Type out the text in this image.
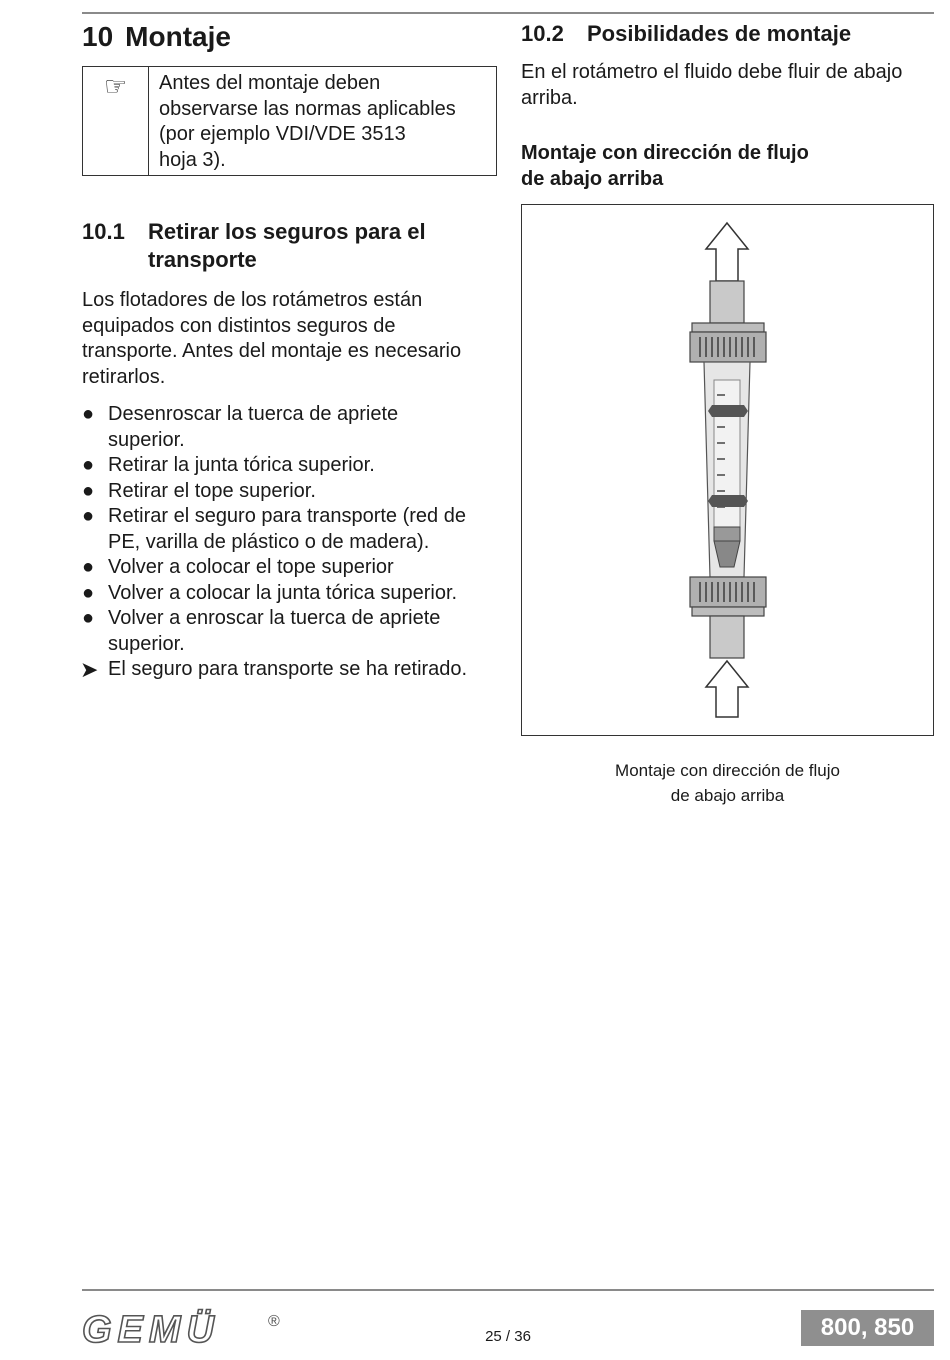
10 Montaje
☞ Antes del montaje deben
observarse las normas aplicables
(por ejemplo VDI/VDE 3513
hoja 3).
10.1	Retirar los seguros para el
transporte

Los flotadores de los rotámetros están
equipados con distintos seguros de
transporte. Antes del montaje es necesario
retirarlos.

● Desenroscar la tuerca de apriete
superior.
● Retirar la junta tórica superior.
● Retirar el tope superior.
● Retirar el seguro para transporte (red de
PE, varilla de plástico o de madera).
● Volver a colocar el tope superior
● Volver a colocar la junta tórica superior.
● Volver a enroscar la tuerca de apriete
superior.
➤ El seguro para transporte se ha retirado.
10.2	Posibilidades de montaje

En el rotámetro el fluido debe fluir de abajo
arriba.

Montaje con dirección de flujo
de abajo arriba
Montaje con dirección de flujo
de abajo arriba
GEMÜ	®
25 / 36	800, 850
